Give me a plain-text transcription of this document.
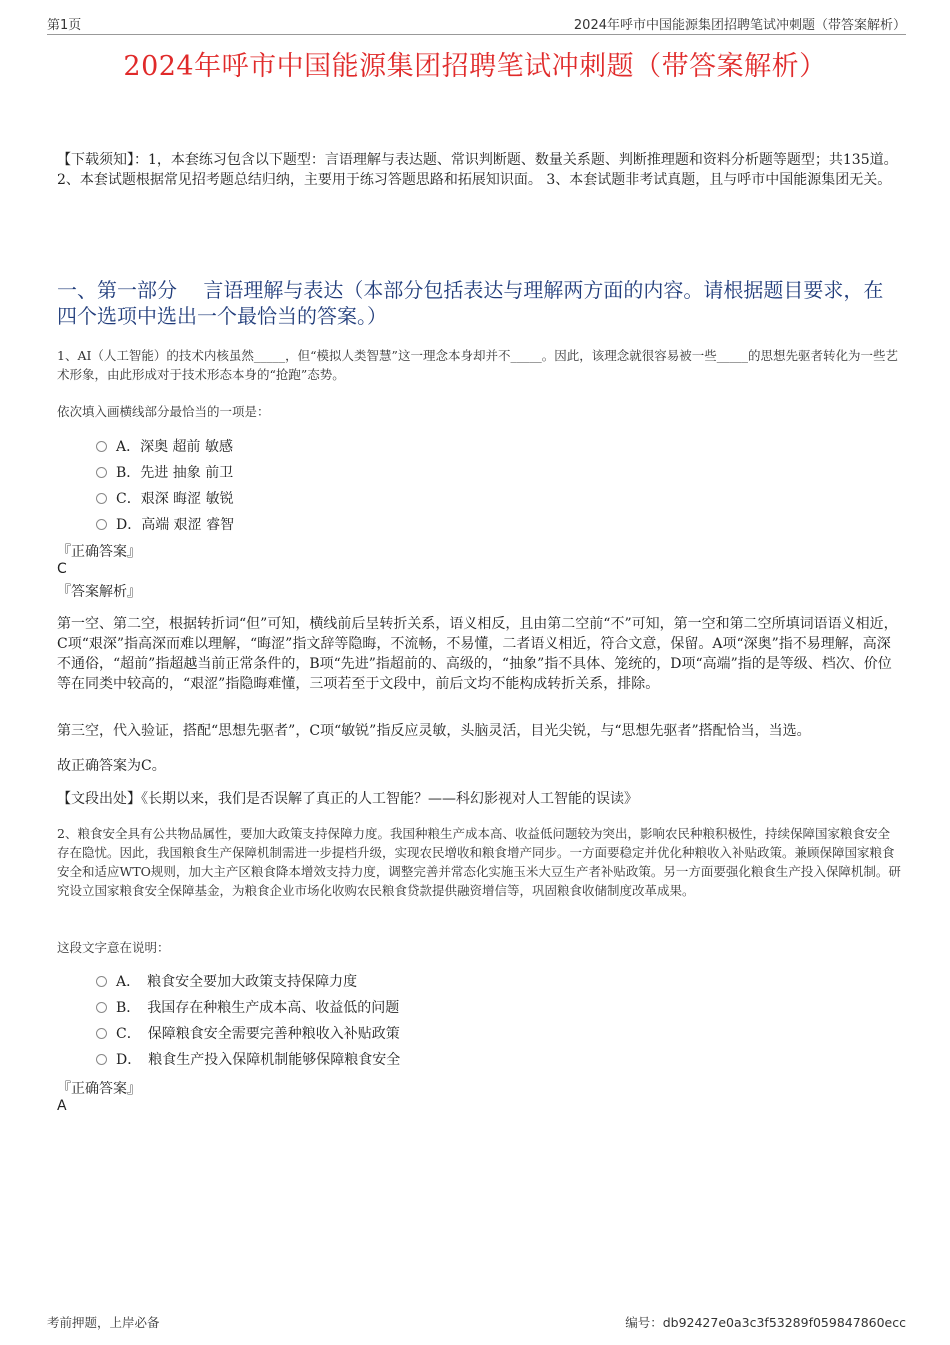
第1页	2024年呼市中国能源集团招聘笔试冲刺题（带答案解析）
2024年呼市中国能源集团招聘笔试冲刺题（带答案解析）
【下载须知】：1，本套练习包含以下题型：言语理解与表达题、常识判断题、数量关系题、判断推理题和资料分析题等题型；共135道。 2、本套试题根据常见招考题总结归纳，主要用于练习答题思路和拓展知识面。 3、本套试题非考试真题，且与呼市中国能源集团无关。
一、第一部分　 言语理解与表达（本部分包括表达与理解两方面的内容。请根据题目要求，在四个选项中选出一个最恰当的答案。）
1、AI（人工智能）的技术内核虽然_____，但“模拟人类智慧”这一理念本身却并不_____。因此，该理念就很容易被一些_____的思想先驱者转化为一些艺术形象，由此形成对于技术形态本身的“抢跑”态势。
依次填入画横线部分最恰当的一项是：
A．深奥 超前 敏感
B．先进 抽象 前卫
C．艰深 晦涩 敏锐
D．高端 艰涩 睿智
『正确答案』
C
『答案解析』
第一空、第二空，根据转折词“但”可知，横线前后呈转折关系，语义相反，且由第二空前“不”可知，第一空和第二空所填词语语义相近，C项“艰深”指高深而难以理解，“晦涩”指文辞等隐晦，不流畅，不易懂，二者语义相近，符合文意，保留。A项“深奥”指不易理解，高深不通俗，“超前”指超越当前正常条件的，B项“先进”指超前的、高级的，“抽象”指不具体、笼统的，D项“高端”指的是等级、档次、价位等在同类中较高的，“艰涩”指隐晦难懂，三项若至于文段中，前后文均不能构成转折关系，排除。
第三空，代入验证，搭配“思想先驱者”，C项“敏锐”指反应灵敏，头脑灵活，目光尖锐，与“思想先驱者”搭配恰当，当选。
故正确答案为C。
【文段出处】《长期以来，我们是否误解了真正的人工智能？——科幻影视对人工智能的误读》
2、粮食安全具有公共物品属性，要加大政策支持保障力度。我国种粮生产成本高、收益低问题较为突出，影响农民种粮积极性，持续保障国家粮食安全存在隐忧。因此，我国粮食生产保障机制需进一步提档升级，实现农民增收和粮食增产同步。一方面要稳定并优化种粮收入补贴政策。兼顾保障国家粮食安全和适应WTO规则，加大主产区粮食降本增效支持力度，调整完善并常态化实施玉米大豆生产者补贴政策。另一方面要强化粮食生产投入保障机制。研究设立国家粮食安全保障基金，为粮食企业市场化收购农民粮食贷款提供融资增信等，巩固粮食收储制度改革成果。
这段文字意在说明：
A．　粮食安全要加大政策支持保障力度
B．　我国存在种粮生产成本高、收益低的问题
C．　保障粮食安全需要完善种粮收入补贴政策
D．　粮食生产投入保障机制能够保障粮食安全
『正确答案』
A
考前押题，上岸必备	编号：db92427e0a3c3f53289f059847860ecc
